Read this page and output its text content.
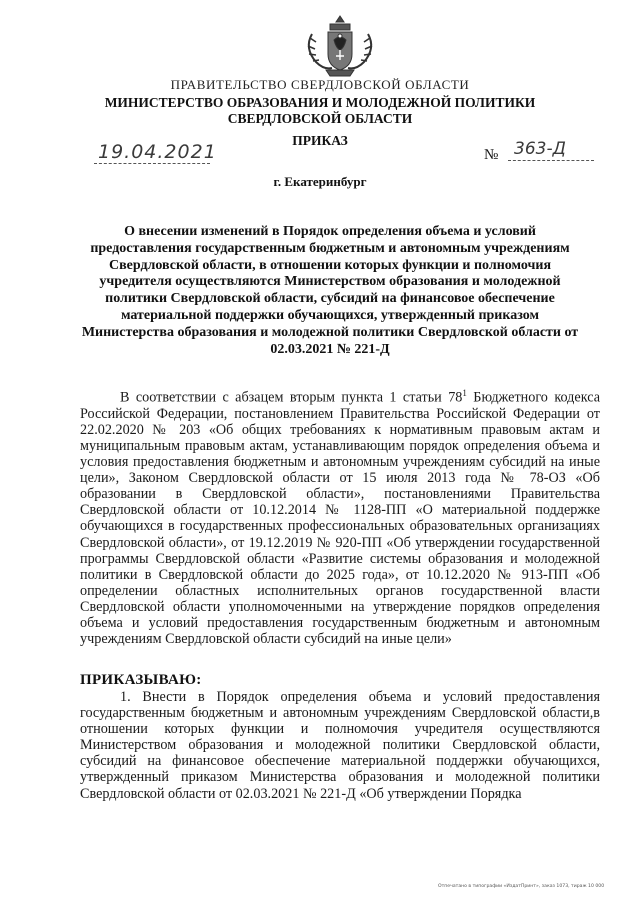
ПРАВИТЕЛЬСТВО СВЕРДЛОВСКОЙ ОБЛАСТИ
МИНИСТЕРСТВО ОБРАЗОВАНИЯ И МОЛОДЕЖНОЙ ПОЛИТИКИ
СВЕРДЛОВСКОЙ ОБЛАСТИ
ПРИКАЗ
19.04.2021	№ 363-Д
г. Екатеринбург
О внесении изменений в Порядок определения объема и условий предоставления государственным бюджетным и автономным учреждениям Свердловской области, в отношении которых функции и полномочия учредителя осуществляются Министерством образования и молодежной политики Свердловской области, субсидий на финансовое обеспечение материальной поддержки обучающихся, утвержденный приказом Министерства образования и молодежной политики Свердловской области от 02.03.2021 № 221-Д

В соответствии с абзацем вторым пункта 1 статьи $78^1$ Бюджетного кодекса Российской Федерации, постановлением Правительства Российской Федерации от 22.02.2020 № 203 «Об общих требованиях к нормативным правовым актам и муниципальным правовым актам, устанавливающим порядок определения объема и условия предоставления бюджетным и автономным учреждениям субсидий на иные цели», Законом Свердловской области от 15 июля 2013 года № 78-ОЗ «Об образовании в Свердловской области», постановлениями Правительства Свердловской области от 10.12.2014 № 1128-ПП «О материальной поддержке обучающихся в государственных профессиональных образовательных организациях Свердловской области», от 19.12.2019 № 920-ПП «Об утверждении государственной программы Свердловской области «Развитие системы образования и молодежной политики в Свердловской области до 2025 года», от 10.12.2020 № 913-ПП «Об определении областных исполнительных органов государственной власти Свердловской области уполномоченными на утверждение порядков определения объема и условий предоставления государственным бюджетным и автономным учреждениям Свердловской области субсидий на иные цели»

ПРИКАЗЫВАЮ:

1. Внести в Порядок определения объема и условий предоставления государственным бюджетным и автономным учреждениям Свердловской области,в отношении которых функции и полномочия учредителя осуществляются Министерством образования и молодежной политики Свердловской области, субсидий на финансовое обеспечение материальной поддержки обучающихся, утвержденный приказом Министерства образования и молодежной политики Свердловской области от 02.03.2021 № 221-Д «Об утверждении Порядка

Отпечатано в типографии «ИздатПринт», заказ 1073, тираж 10 000
